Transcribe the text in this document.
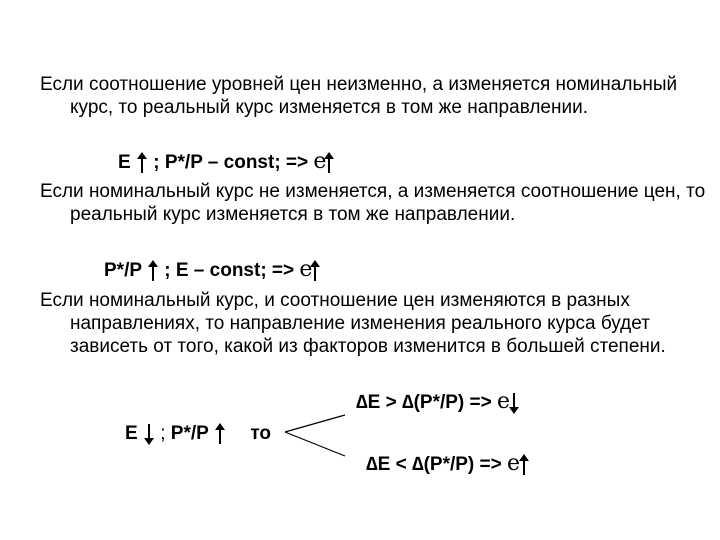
Если соотношение уровней цен неизменно, а изменяется номинальный курс, то реальный курс изменяется в том же направлении.
E ; P*/P – const; => e
Если номинальный курс не изменяется, а изменяется соотношение цен, то реальный курс изменяется в том же направлении.
P*/P ; E – const; => e
Если номинальный курс, и соотношение цен изменяются в разных направлениях, то направление изменения реального курса будет зависеть от того, какой из факторов изменится в большей степени.
∆E > ∆(P*/P) => e
E ; P*/P то
∆E < ∆(P*/P) => e
